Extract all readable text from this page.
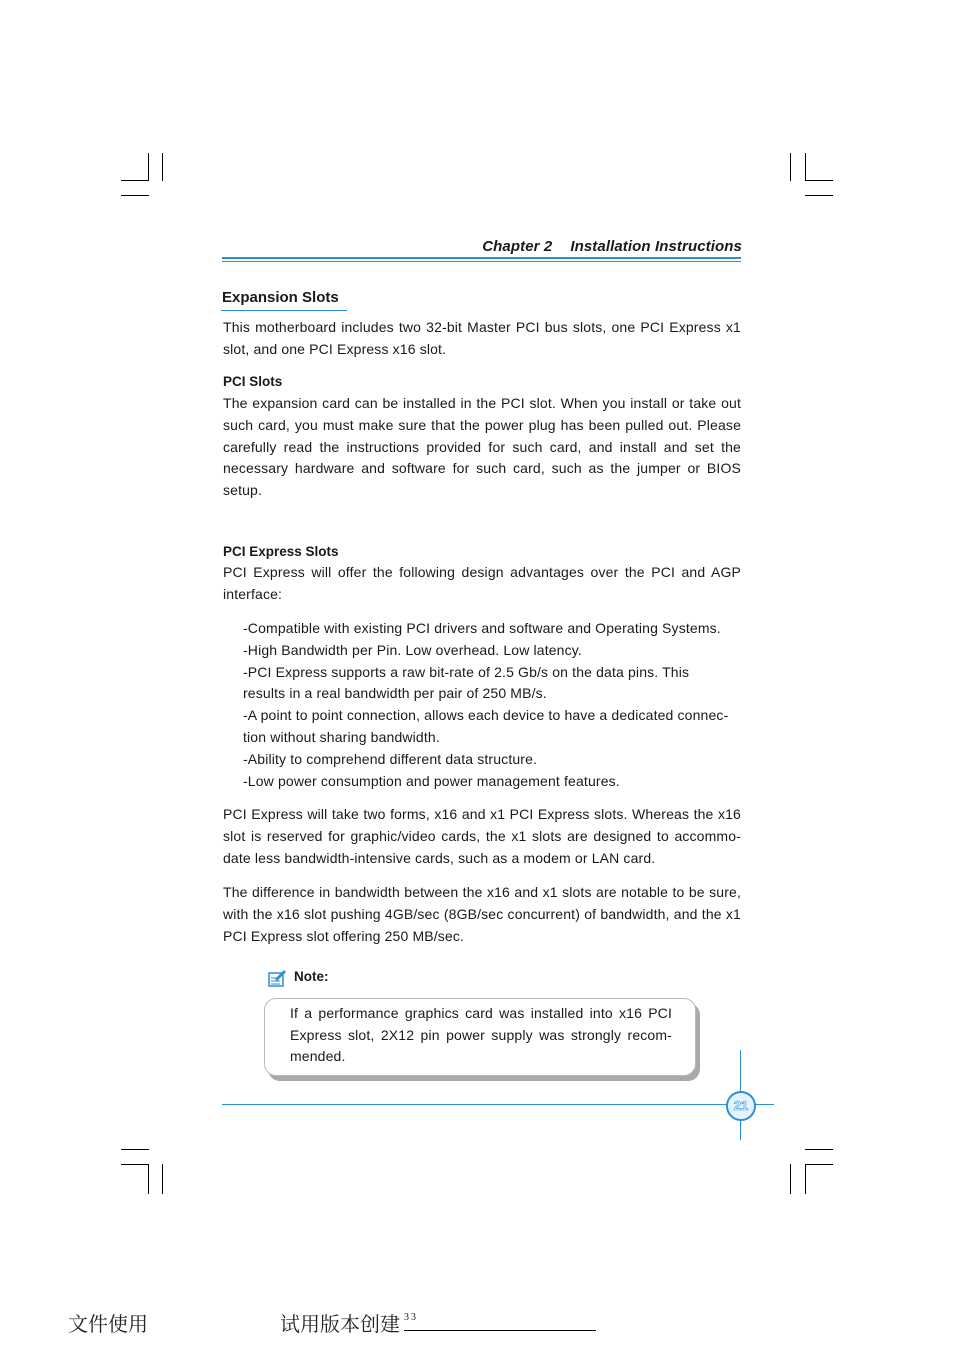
Chapter 2 Installation Instructions
Expansion Slots
This motherboard includes two 32-bit Master PCI bus slots, one PCI Express x1 slot, and one PCI Express x16 slot.
PCI Slots
The expansion card can be installed in the PCI slot. When you install or take out such card, you must make sure that the power plug has been pulled out. Please carefully read the instructions provided for such card, and install and set the necessary hardware and software for such card, such as the jumper or BIOS setup.
PCI Express Slots
PCI Express will offer the following design advantages over the PCI and AGP interface:
-Compatible with existing PCI drivers and software and Operating Systems.
-High Bandwidth per Pin. Low overhead. Low latency.
-PCI Express supports a raw bit-rate of 2.5 Gb/s on the data pins. This
results in a real bandwidth per pair of 250 MB/s.
-A point to point connection, allows each device to have a dedicated connec-
tion without sharing bandwidth.
-Ability to comprehend different data structure.
-Low power consumption and power management features.
PCI Express will take two forms, x16 and x1 PCI Express slots. Whereas the x16 slot is reserved for graphic/video cards, the x1 slots are designed to accommo-date less bandwidth-intensive cards, such as a modem or LAN card.
The difference in bandwidth between the x16 and x1 slots are notable to be sure, with the x16 slot pushing 4GB/sec (8GB/sec concurrent) of bandwidth, and the x1 PCI Express slot offering 250 MB/sec.
Note:
If a performance graphics card was installed into x16 PCI Express slot, 2X12 pin power supply was strongly recom-mended.
21
文件使用	试用版本创建 33
